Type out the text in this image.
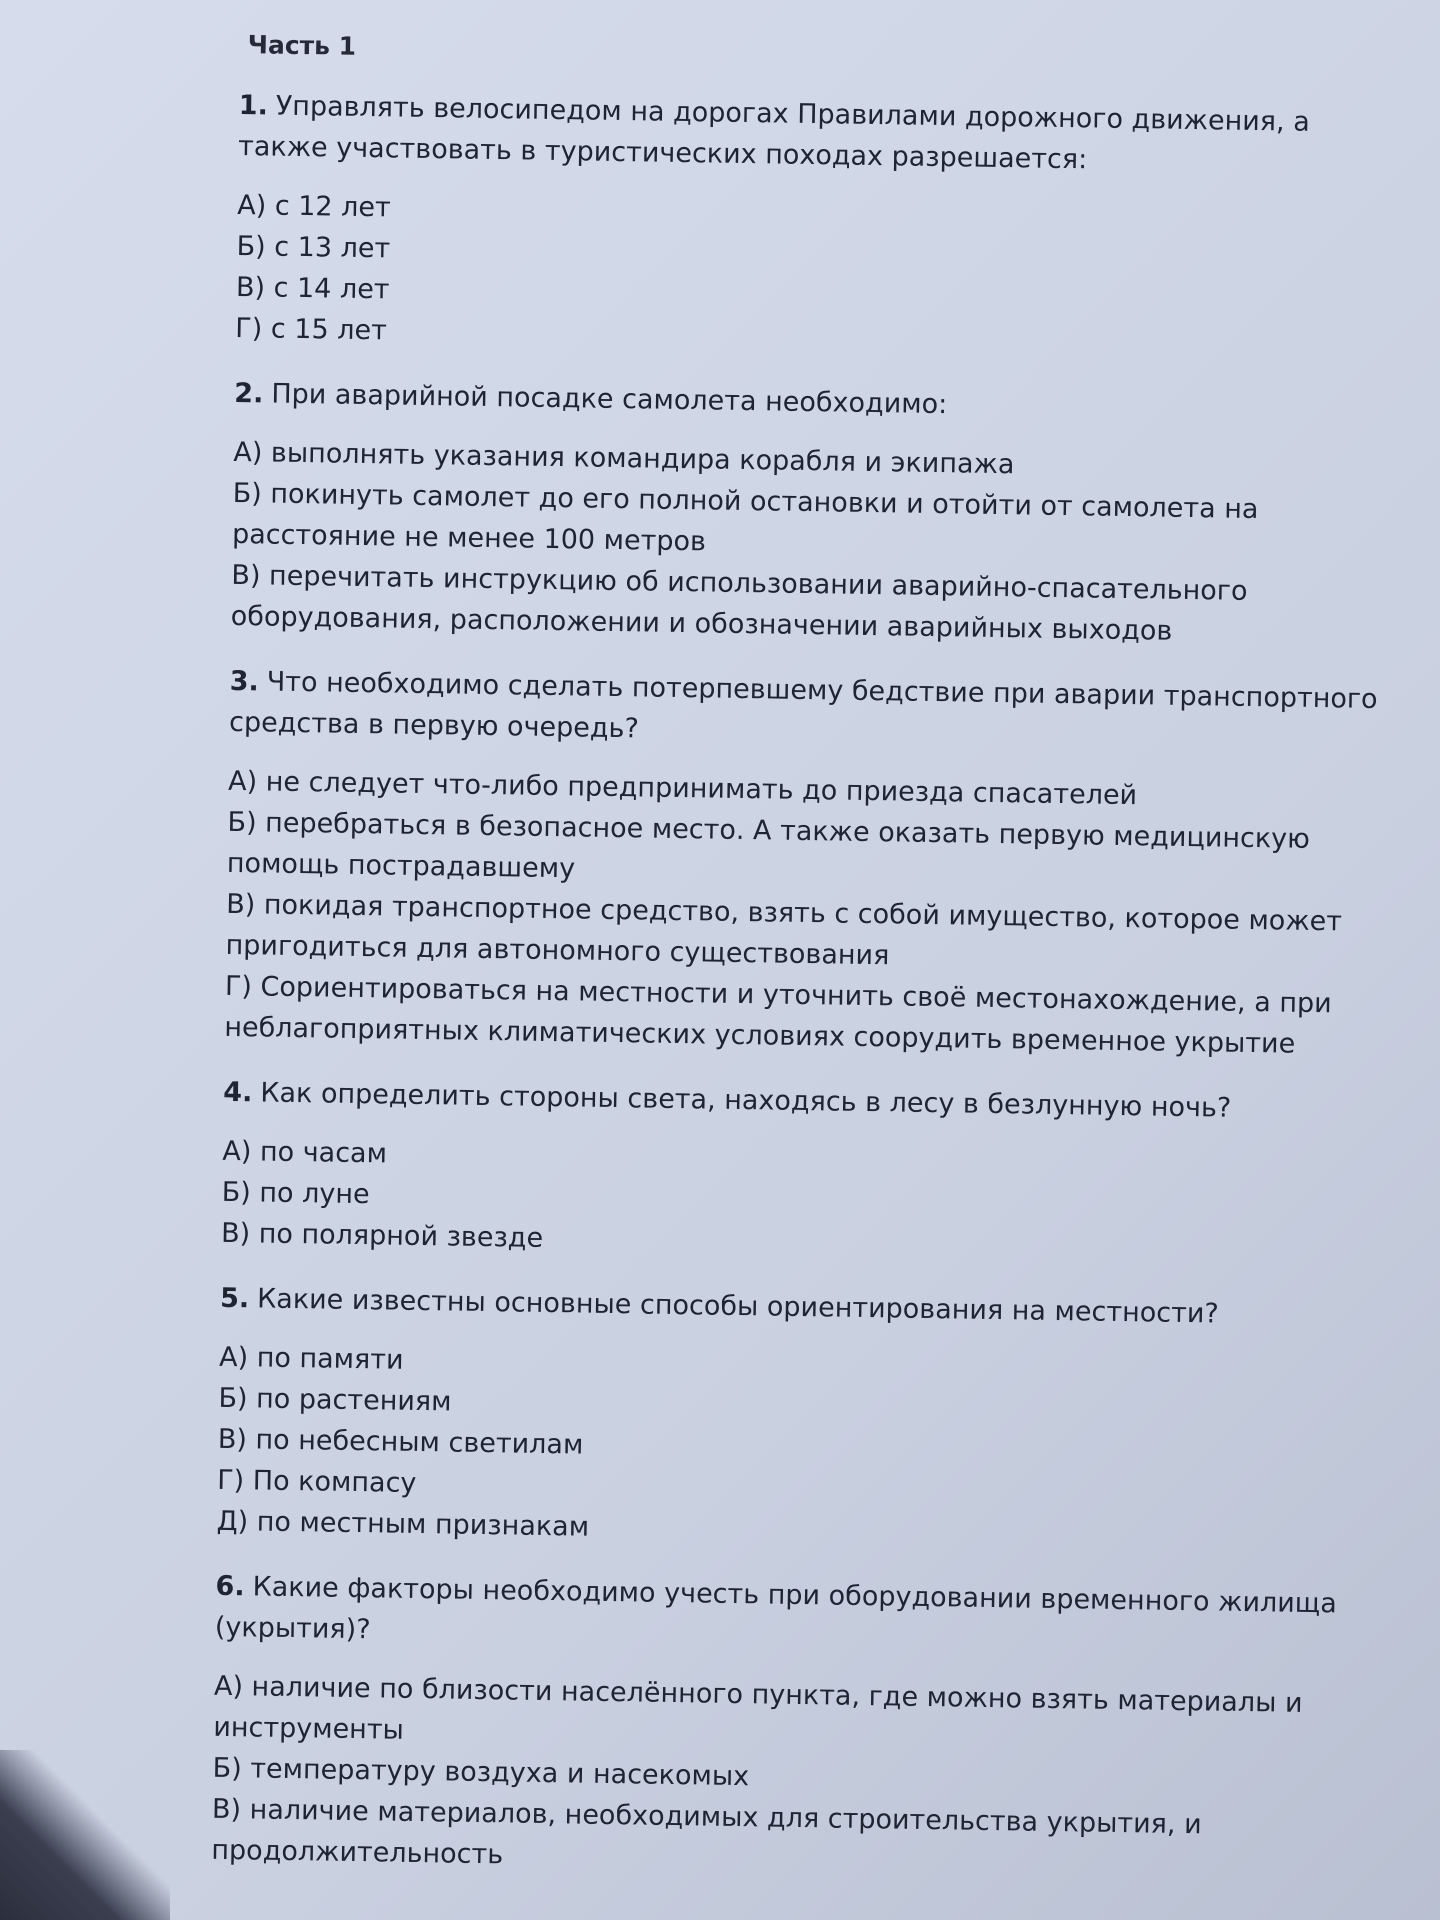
Часть 1

1. Управлять велосипедом на дорогах Правилами дорожного движения, а также участвовать в туристических походах разрешается:

А) с 12 лет
Б) с 13 лет
В) с 14 лет
Г) с 15 лет

2. При аварийной посадке самолета необходимо:

А) выполнять указания командира корабля и экипажа
Б) покинуть самолет до его полной остановки и отойти от самолета на расстояние не менее 100 метров
В) перечитать инструкцию об использовании аварийно-спасательного оборудования, расположении и обозначении аварийных выходов

3. Что необходимо сделать потерпевшему бедствие при аварии транспортного средства в первую очередь?

А) не следует что-либо предпринимать до приезда спасателей
Б) перебраться в безопасное место. А также оказать первую медицинскую помощь пострадавшему
В) покидая транспортное средство, взять с собой имущество, которое может пригодиться для автономного существования
Г) Сориентироваться на местности и уточнить своё местонахождение, а при неблагоприятных климатических условиях соорудить временное укрытие

4. Как определить стороны света, находясь в лесу в безлунную ночь?

А) по часам
Б) по луне
В) по полярной звезде

5. Какие известны основные способы ориентирования на местности?

А) по памяти
Б) по растениям
В) по небесным светилам
Г) По компасу
Д) по местным признакам

6. Какие факторы необходимо учесть при оборудовании временного жилища (укрытия)?

А) наличие по близости населённого пункта, где можно взять материалы и инструменты
Б) температуру воздуха и насекомых
В) наличие материалов, необходимых для строительства укрытия, и продолжительность
